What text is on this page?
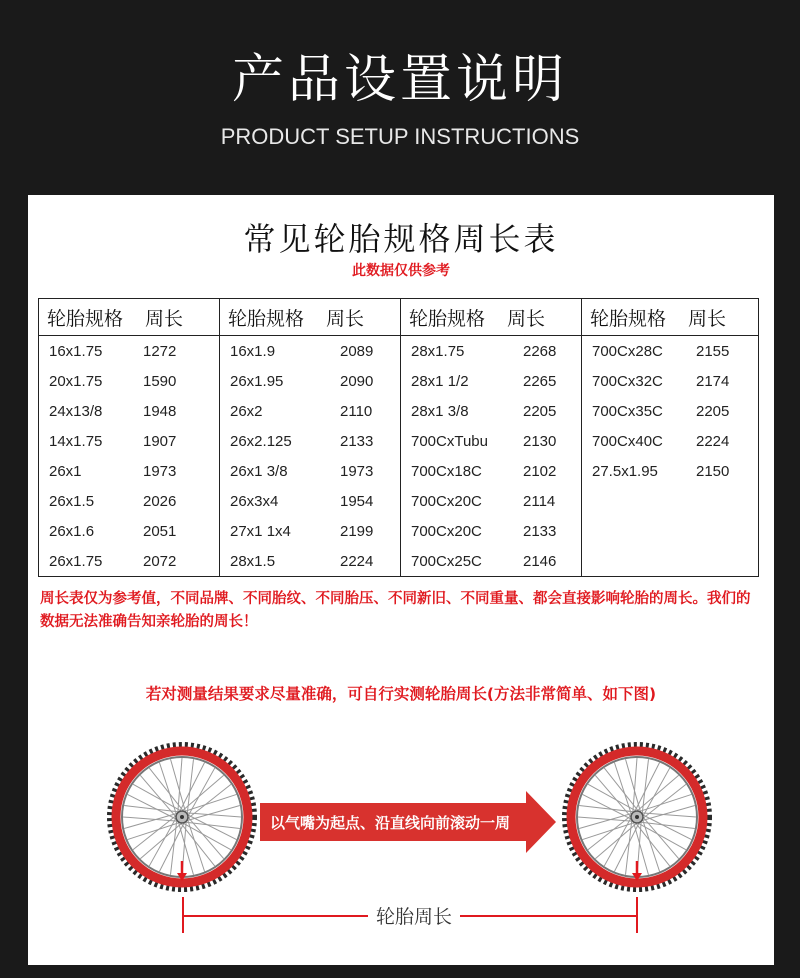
产品设置说明
PRODUCT SETUP INSTRUCTIONS
常见轮胎规格周长表
此数据仅供参考
轮胎规格 周长	轮胎规格 周长	轮胎规格 周长	轮胎规格 周长
16x1.75 1272	16x1.9 2089	28x1.75 2268	700Cx28C 2155
20x1.75 1590	26x1.95 2090	28x1 1/2 2265	700Cx32C 2174
24x13/8 1948	26x2 2110	28x1 3/8 2205	700Cx35C 2205
14x1.75 1907	26x2.125 2133	700CxTubu 2130	700Cx40C 2224
26x1 1973	26x1 3/8 1973	700Cx18C 2102	27.5x1.95 2150
26x1.5 2026	26x3x4 1954	700Cx20C 2114	
26x1.6 2051	27x1 1x4 2199	700Cx20C 2133	
26x1.75 2072	28x1.5 2224	700Cx25C 2146	
周长表仅为参考值，不同品牌、不同胎纹、不同胎压、不同新旧、不同重量、都会直接影响轮胎的周长。我们的数据无法准确告知亲轮胎的周长！
若对测量结果要求尽量准确，可自行实测轮胎周长(方法非常简单、如下图)
以气嘴为起点、沿直线向前滚动一周
轮胎周长
